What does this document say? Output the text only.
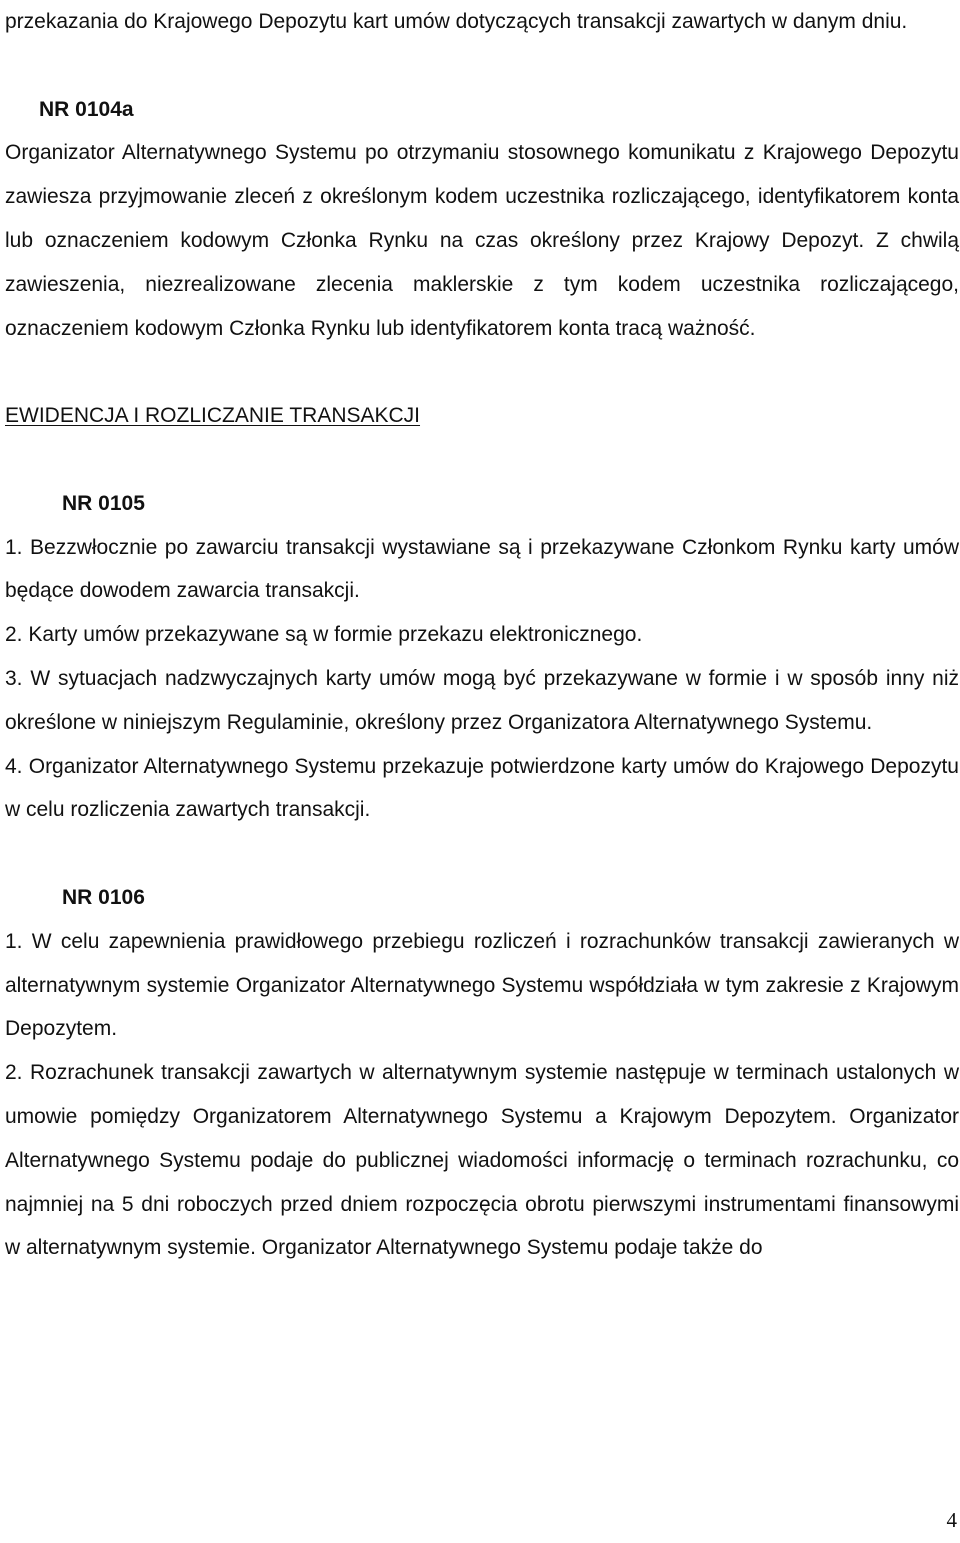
przekazania do Krajowego Depozytu kart umów dotyczących transakcji zawartych w danym dniu.

NR 0104a

Organizator Alternatywnego Systemu po otrzymaniu stosownego komunikatu z Krajowego Depozytu zawiesza przyjmowanie zleceń z określonym kodem uczestnika rozliczającego, identyfikatorem konta lub oznaczeniem kodowym Członka Rynku na czas określony przez Krajowy Depozyt. Z chwilą zawieszenia, niezrealizowane zlecenia maklerskie z tym kodem uczestnika rozliczającego, oznaczeniem kodowym Członka Rynku lub identyfikatorem konta tracą ważność.

EWIDENCJA I ROZLICZANIE TRANSAKCJI

NR 0105

1. Bezzwłocznie po zawarciu transakcji wystawiane są i przekazywane Członkom Rynku karty umów będące dowodem zawarcia transakcji.

2. Karty umów przekazywane są w formie przekazu elektronicznego.

3. W sytuacjach nadzwyczajnych karty umów mogą być przekazywane w formie i w sposób inny niż określone w niniejszym Regulaminie, określony przez Organizatora Alternatywnego Systemu.

4. Organizator Alternatywnego Systemu przekazuje potwierdzone karty umów do Krajowego Depozytu w celu rozliczenia zawartych transakcji.

NR 0106

1. W celu zapewnienia prawidłowego przebiegu rozliczeń i rozrachunków transakcji zawieranych w alternatywnym systemie Organizator Alternatywnego Systemu współdziała w tym zakresie z Krajowym Depozytem.

2. Rozrachunek transakcji zawartych w alternatywnym systemie następuje w terminach ustalonych w umowie pomiędzy Organizatorem Alternatywnego Systemu a Krajowym Depozytem. Organizator Alternatywnego Systemu podaje do publicznej wiadomości informację o terminach rozrachunku, co najmniej na 5 dni roboczych przed dniem rozpoczęcia obrotu pierwszymi instrumentami finansowymi w alternatywnym systemie. Organizator Alternatywnego Systemu podaje także do

4
